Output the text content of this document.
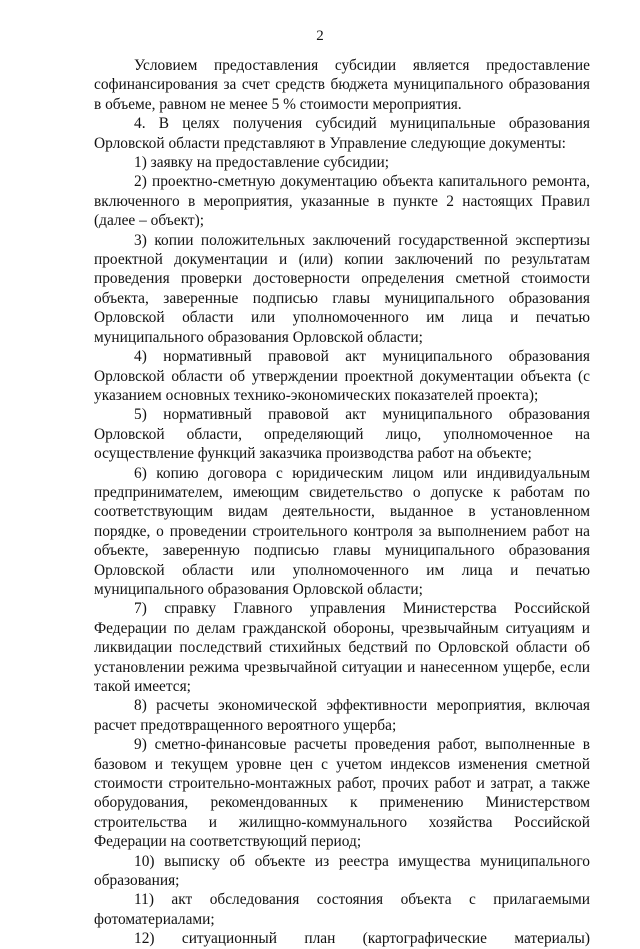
2

Условием предоставления субсидии является предоставление софинансирования за счет средств бюджета муниципального образования в объеме, равном не менее 5 % стоимости мероприятия.

4. В целях получения субсидий муниципальные образования Орловской области представляют в Управление следующие документы:

1) заявку на предоставление субсидии;

2) проектно-сметную документацию объекта капитального ремонта, включенного в мероприятия, указанные в пункте 2 настоящих Правил (далее – объект);

3) копии положительных заключений государственной экспертизы проектной документации и (или) копии заключений по результатам проведения проверки достоверности определения сметной стоимости объекта, заверенные подписью главы муниципального образования Орловской области или уполномоченного им лица и печатью муниципального образования Орловской области;

4) нормативный правовой акт муниципального образования Орловской области об утверждении проектной документации объекта (с указанием основных технико-экономических показателей проекта);

5) нормативный правовой акт муниципального образования Орловской области, определяющий лицо, уполномоченное на осуществление функций заказчика производства работ на объекте;

6) копию договора с юридическим лицом или индивидуальным предпринимателем, имеющим свидетельство о допуске к работам по соответствующим видам деятельности, выданное в установленном порядке, о проведении строительного контроля за выполнением работ на объекте, заверенную подписью главы муниципального образования Орловской области или уполномоченного им лица и печатью муниципального образования Орловской области;

7) справку Главного управления Министерства Российской Федерации по делам гражданской обороны, чрезвычайным ситуациям и ликвидации последствий стихийных бедствий по Орловской области об установлении режима чрезвычайной ситуации и нанесенном ущербе, если такой имеется;

8) расчеты экономической эффективности мероприятия, включая расчет предотвращенного вероятного ущерба;

9) сметно-финансовые расчеты проведения работ, выполненные в базовом и текущем уровне цен с учетом индексов изменения сметной стоимости строительно-монтажных работ, прочих работ и затрат, а также оборудования, рекомендованных к применению Министерством строительства и жилищно-коммунального хозяйства Российской Федерации на соответствующий период;

10) выписку об объекте из реестра имущества муниципального образования;

11) акт обследования состояния объекта с прилагаемыми фотоматериалами;

12) ситуационный план (картографические материалы)
